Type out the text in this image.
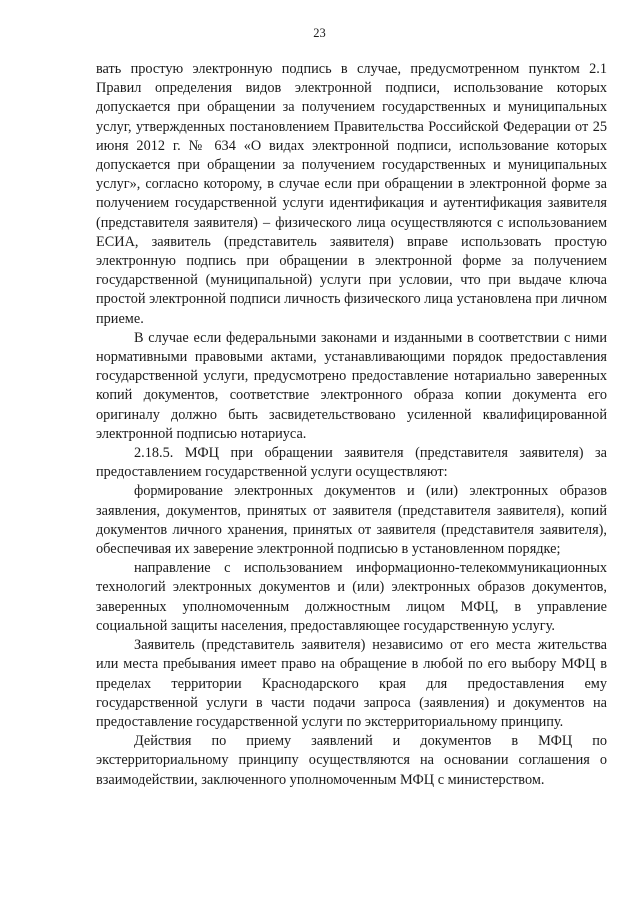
23

вать простую электронную подпись в случае, предусмотренном пунктом 2.1 Правил определения видов электронной подписи, использование которых допускается при обращении за получением государственных и муниципальных услуг, утвержденных постановлением Правительства Российской Федерации от 25 июня 2012 г. № 634 «О видах электронной подписи, использование которых допускается при обращении за получением государственных и муниципальных услуг», согласно которому, в случае если при обращении в электронной форме за получением государственной услуги идентификация и аутентификация заявителя (представителя заявителя) – физического лица осуществляются с использованием ЕСИА, заявитель (представитель заявителя) вправе использовать простую электронную подпись при обращении в электронной форме за получением государственной (муниципальной) услуги при условии, что при выдаче ключа простой электронной подписи личность физического лица установлена при личном приеме.

В случае если федеральными законами и изданными в соответствии с ними нормативными правовыми актами, устанавливающими порядок предоставления государственной услуги, предусмотрено предоставление нотариально заверенных копий документов, соответствие электронного образа копии документа его оригиналу должно быть засвидетельствовано усиленной квалифицированной электронной подписью нотариуса.

2.18.5. МФЦ при обращении заявителя (представителя заявителя) за предоставлением государственной услуги осуществляют:

формирование электронных документов и (или) электронных образов заявления, документов, принятых от заявителя (представителя заявителя), копий документов личного хранения, принятых от заявителя (представителя заявителя), обеспечивая их заверение электронной подписью в установленном порядке;

направление с использованием информационно-телекоммуникационных технологий электронных документов и (или) электронных образов документов, заверенных уполномоченным должностным лицом МФЦ, в управление социальной защиты населения, предоставляющее государственную услугу.

Заявитель (представитель заявителя) независимо от его места жительства или места пребывания имеет право на обращение в любой по его выбору МФЦ в пределах территории Краснодарского края для предоставления ему государственной услуги в части подачи запроса (заявления) и документов на предоставление государственной услуги по экстерриториальному принципу.

Действия по приему заявлений и документов в МФЦ по экстерриториальному принципу осуществляются на основании соглашения о взаимодействии, заключенного уполномоченным МФЦ с министерством.
